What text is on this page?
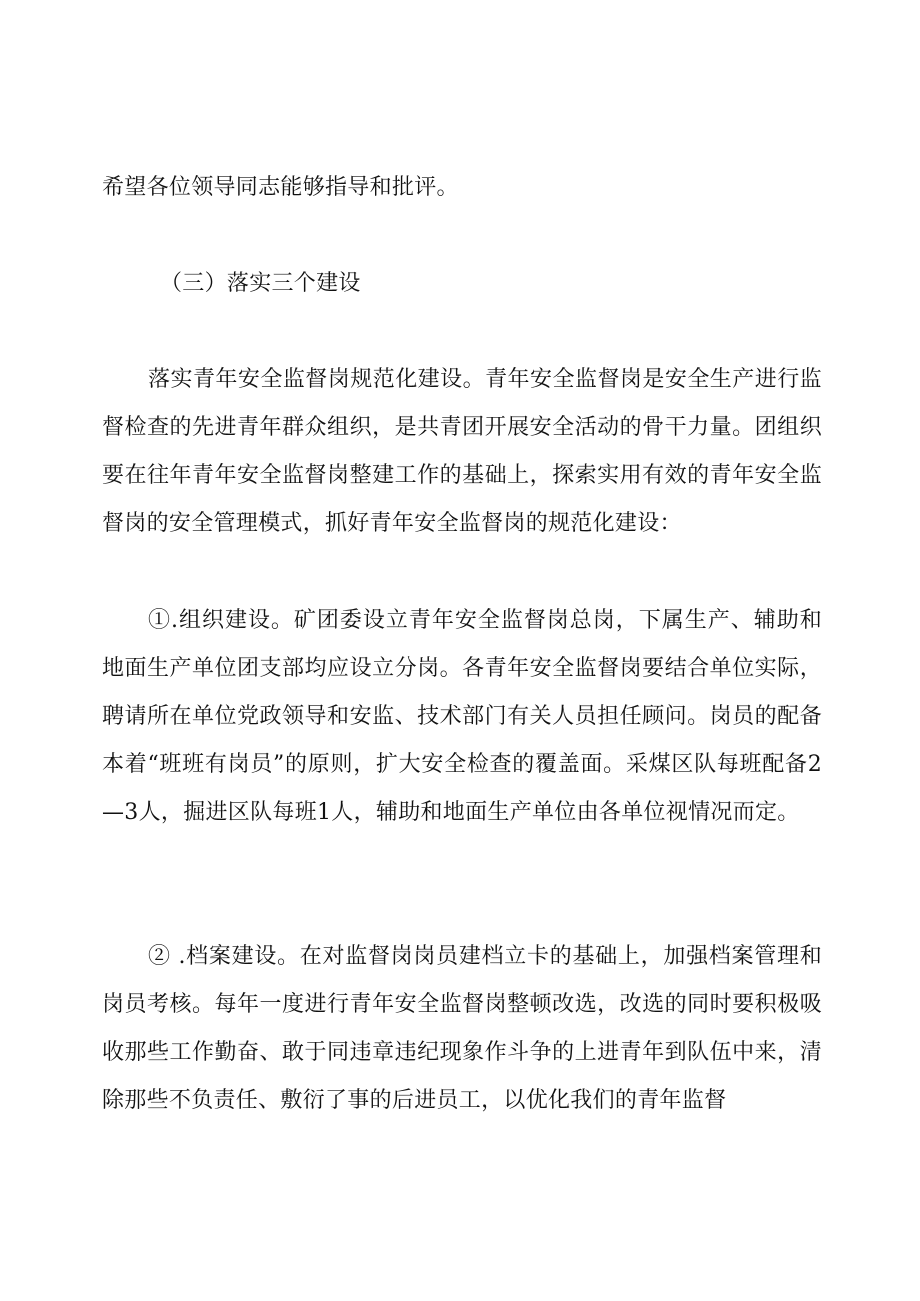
希望各位领导同志能够指导和批评。

（三）落实三个建设

落实青年安全监督岗规范化建设。青年安全监督岗是安全生产进行监督检查的先进青年群众组织，是共青团开展安全活动的骨干力量。团组织要在往年青年安全监督岗整建工作的基础上，探索实用有效的青年安全监督岗的安全管理模式，抓好青年安全监督岗的规范化建设：

①.组织建设。矿团委设立青年安全监督岗总岗，下属生产、辅助和地面生产单位团支部均应设立分岗。各青年安全监督岗要结合单位实际，聘请所在单位党政领导和安监、技术部门有关人员担任顾问。岗员的配备本着“班班有岗员”的原则，扩大安全检查的覆盖面。采煤区队每班配备2—3人，掘进区队每班1人，辅助和地面生产单位由各单位视情况而定。

② .档案建设。在对监督岗岗员建档立卡的基础上，加强档案管理和岗员考核。每年一度进行青年安全监督岗整顿改选，改选的同时要积极吸收那些工作勤奋、敢于同违章违纪现象作斗争的上进青年到队伍中来，清除那些不负责任、敷衍了事的后进员工，以优化我们的青年监督
